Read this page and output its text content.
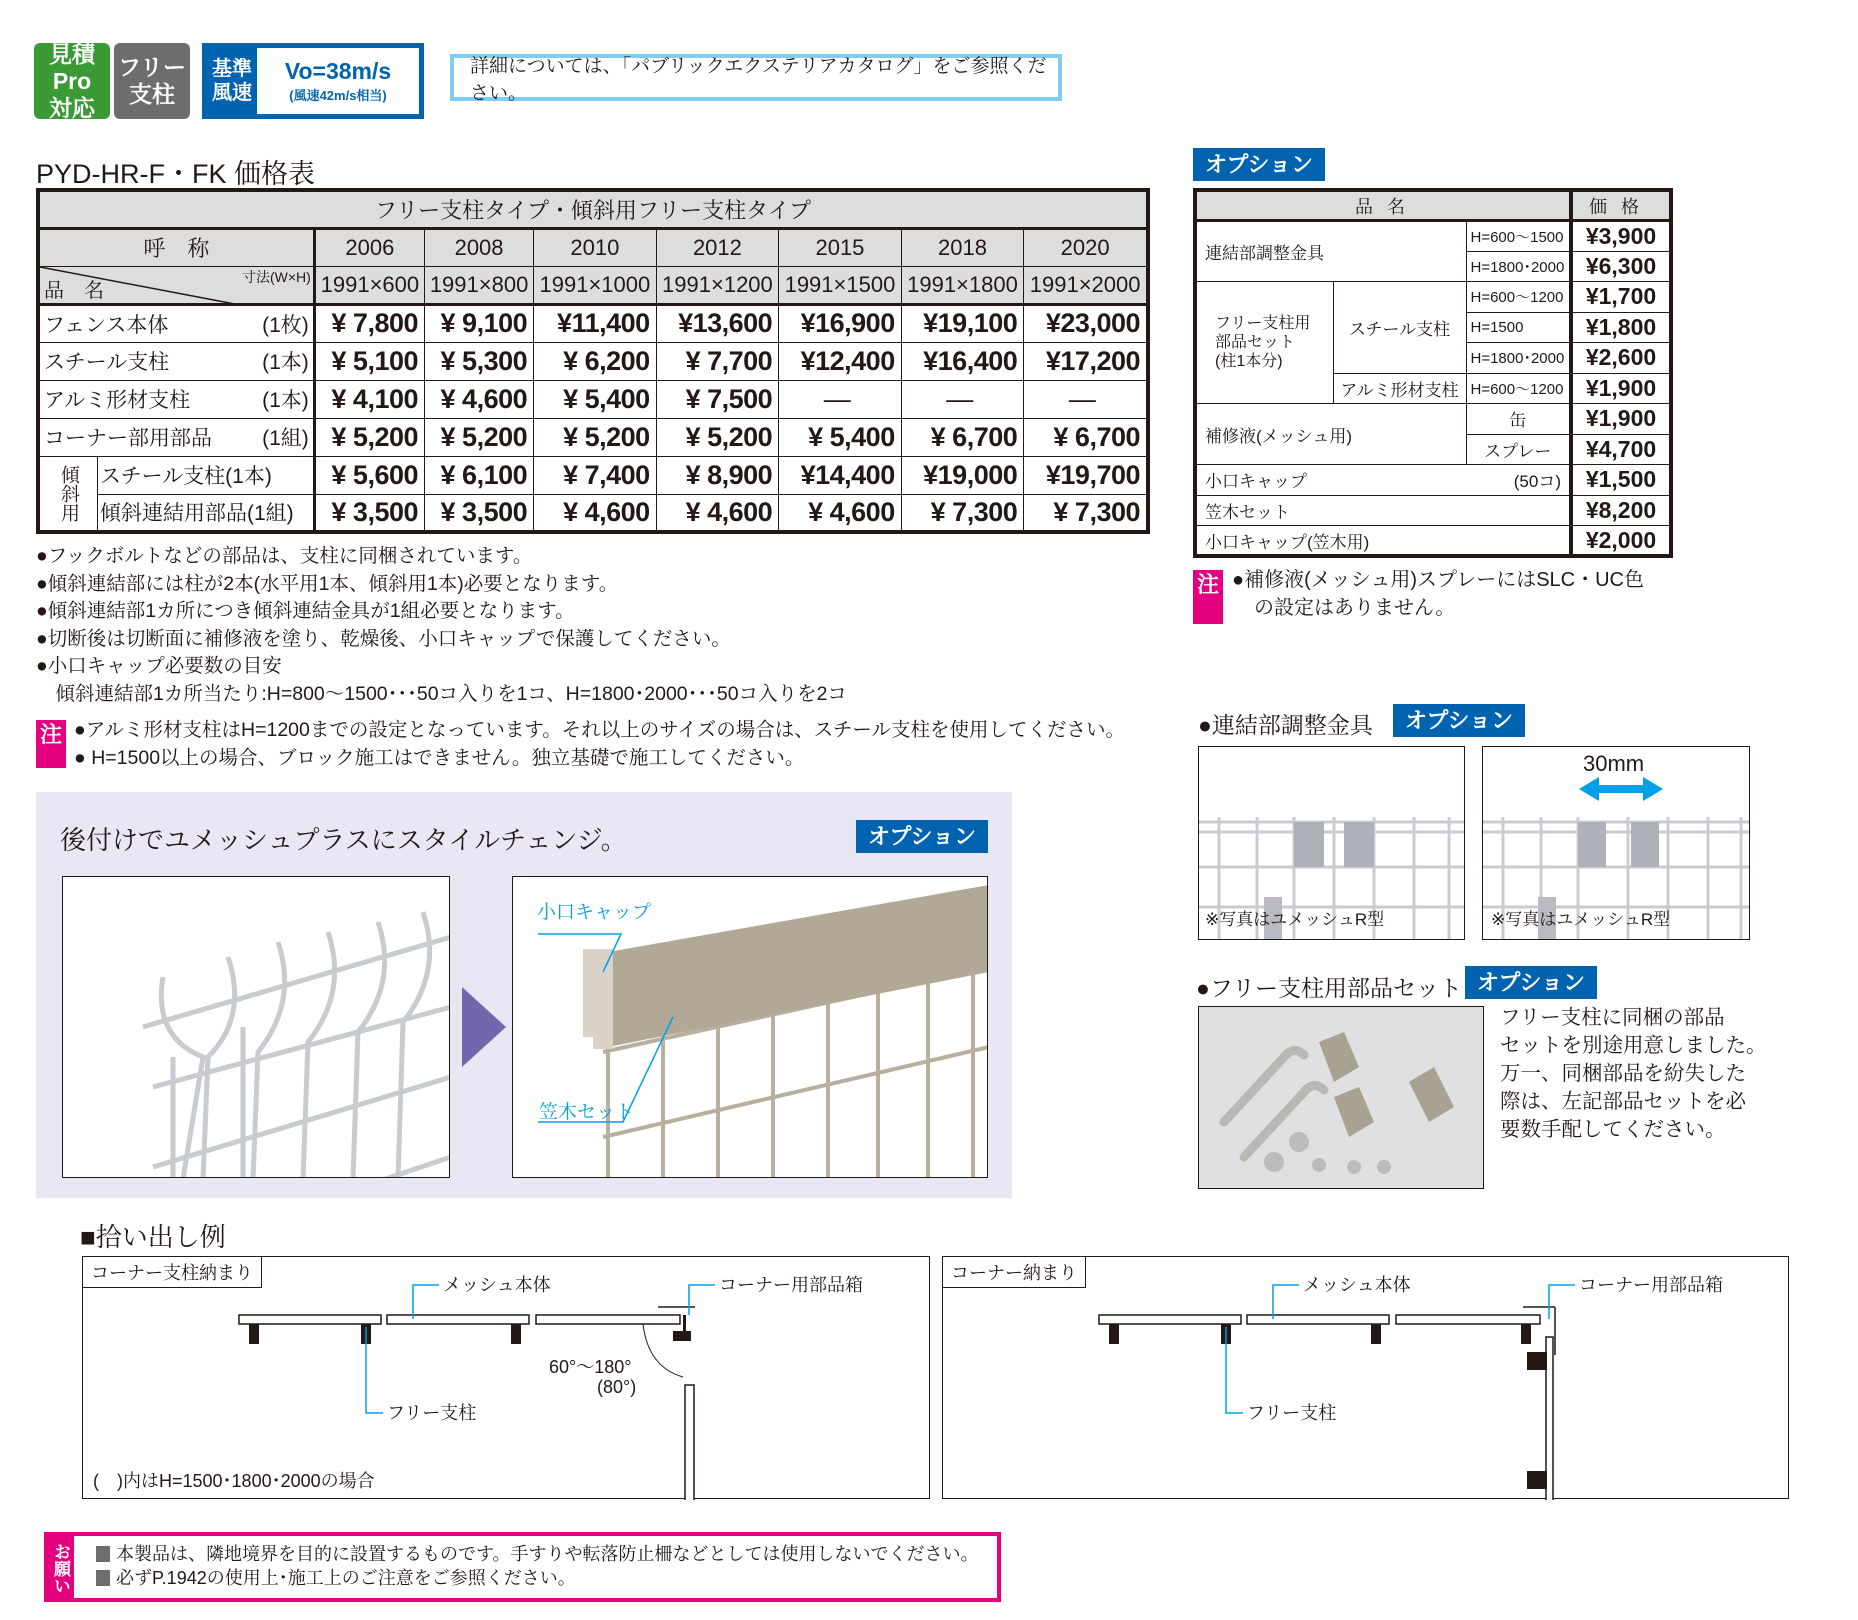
見積Pro
対応
フリー
支柱
基準
風速
Vo=38m/s
(風速42m/s相当)
詳細については、「パブリックエクステリアカタログ」をご参照ください。
PYD-HR-F・FK 価格表
フリー支柱タイプ・傾斜用フリー支柱タイプ								
呼　称		2006	2008	2010	2012	2015	2018	2020

品　名
寸法(W×H)		1991×600	1991×800	1991×1000	1991×1200	1991×1500	1991×1800	1991×2000
フェンス本体 (1枚)		¥ 7,800	¥ 9,100	¥11,400	¥13,600	¥16,900	¥19,100	¥23,000
スチール支柱 (1本)		¥ 5,100	¥ 5,300	¥ 6,200	¥ 7,700	¥12,400	¥16,400	¥17,200
アルミ形材支柱 (1本)		¥ 4,100	¥ 4,600	¥ 5,400	¥ 7,500	—	—	—
コーナー部用部品 (1組)		¥ 5,200	¥ 5,200	¥ 5,200	¥ 5,200	¥ 5,400	¥ 6,700	¥ 6,700
傾斜用	スチール支柱(1本)	¥ 5,600	¥ 6,100	¥ 7,400	¥ 8,900	¥14,400	¥19,000	¥19,700
	傾斜連結用部品(1組)	¥ 3,500	¥ 3,500	¥ 4,600	¥ 4,600	¥ 4,600	¥ 7,300	¥ 7,300
●フックボルトなどの部品は、支柱に同梱されています。
●傾斜連結部には柱が2本(水平用1本、傾斜用1本)必要となります。
●傾斜連結部1カ所につき傾斜連結金具が1組必要となります。
●切断後は切断面に補修液を塗り、乾燥後、小口キャップで保護してください。
●小口キャップ必要数の目安
　傾斜連結部1カ所当たり:H=800〜1500･･･50コ入りを1コ、H=1800･2000･･･50コ入りを2コ
注 ●アルミ形材支柱はH=1200までの設定となっています。それ以上のサイズの場合は、スチール支柱を使用してください。
● H=1500以上の場合、ブロック施工はできません。独立基礎で施工してください。
後付けでユメッシュプラスにスタイルチェンジ。	オプション
小口キャップ
笠木セット
オプション
品名			価格
連結部調整金具		H=600〜1500	¥3,900
		H=1800･2000	¥6,300

フリー支柱用
部品セット
(柱1本分)	スチール支柱	H=600〜1200	¥1,700
		H=1500	¥1,800
		H=1800･2000	¥2,600
	アルミ形材支柱	H=600〜1200	¥1,900
補修液(メッシュ用)		缶	¥1,900
		スプレー	¥4,700
小口キャップ (50コ)			¥1,500
笠木セット			¥8,200
小口キャップ(笠木用)			¥2,000
注 ●補修液(メッシュ用)スプレーにはSLC・UC色
の設定はありません。
●連結部調整金具	オプション
※写真はユメッシュR型
30mm
※写真はユメッシュR型
●フリー支柱用部品セット オプション
フリー支柱に同梱の部品
セットを別途用意しました。
万一、同梱部品を紛失した
際は、左記部品セットを必
要数手配してください。
■拾い出し例
コーナー支柱納まり
メッシュ本体	コーナー用部品箱
フリー支柱
60°〜180°
(80°)
(　)内はH=1500･1800･2000の場合
コーナー納まり
メッシュ本体	コーナー用部品箱
フリー支柱
お願い	本製品は、隣地境界を目的に設置するものです。手すりや転落防止柵などとしては使用しないでください。
必ずP.1942の使用上･施工上のご注意をご参照ください。
